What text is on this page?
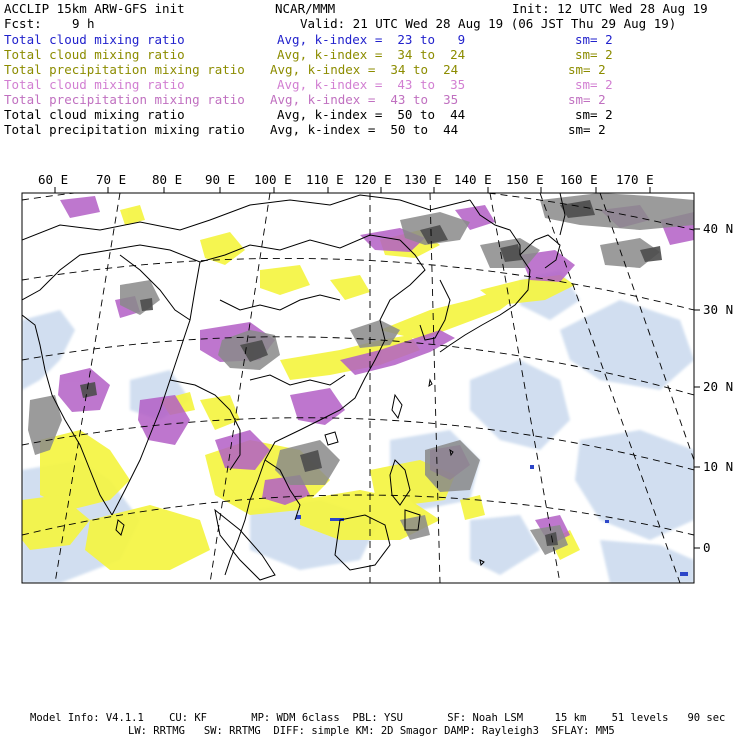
ACCLIP 15km ARW-GFS init	NCAR/MMM	Init: 12 UTC Wed 28 Aug 19
Fcst: 9 h	Valid: 21 UTC Wed 28 Aug 19 (06 JST Thu 29 Aug 19)
Total cloud mixing ratio	Avg, k-index =  23 to   9	sm= 2
Total cloud mixing ratio	Avg, k-index =  34 to  24	sm= 2
Total precipitation mixing ratio Avg, k-index =  34 to  24	sm= 2
Total cloud mixing ratio	Avg, k-index =  43 to  35	sm= 2
Total precipitation mixing ratio Avg, k-index =  43 to  35	sm= 2
Total cloud mixing ratio	Avg, k-index =  50 to  44	sm= 2
Total precipitation mixing ratio Avg, k-index =  50 to  44	sm= 2
60 E 70 E 80 E 90 E 100 E 110 E 120 E 130 E 140 E 150 E 160 E 170 E
40 N
30 N
20 N
10 N
0
Model Info: V4.1.1    CU: KF       MP: WDM 6class  PBL: YSU       SF: Noah LSM     15 km    51 levels   90 sec
LW: RRTMG   SW: RRTMG  DIFF: simple KM: 2D Smagor DAMP: Rayleigh3  SFLAY: MM5
